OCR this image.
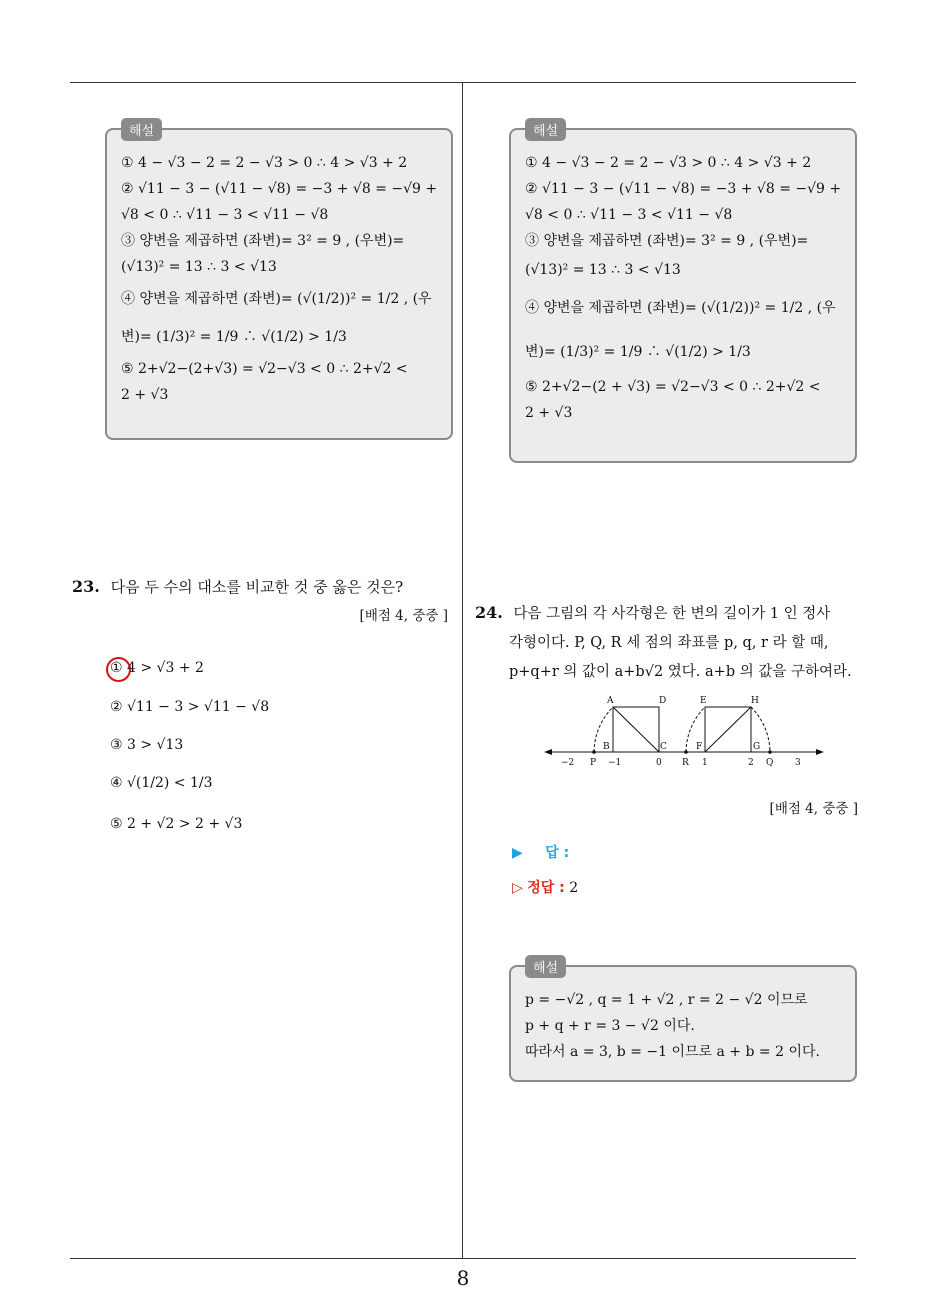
해설
① 4 − √3 − 2 = 2 − √3 > 0 ∴ 4 > √3 + 2
② √11 − 3 − (√11 − √8) = −3 + √8 = −√9 +
√8 < 0 ∴ √11 − 3 < √11 − √8
③ 양변을 제곱하면 (좌변)= 3² = 9 , (우변)=
(√13)² = 13 ∴ 3 < √13
④ 양변을 제곱하면 (좌변)= (√(1/2))² = 1/2 , (우
변)= (1/3)² = 1/9 ∴ √(1/2) > 1/3
⑤ 2+√2−(2+√3) = √2−√3 < 0 ∴ 2+√2 <
2 + √3
해설
① 4 − √3 − 2 = 2 − √3 > 0 ∴ 4 > √3 + 2
② √11 − 3 − (√11 − √8) = −3 + √8 = −√9 +
√8 < 0 ∴ √11 − 3 < √11 − √8
③ 양변을 제곱하면 (좌변)= 3² = 9 , (우변)=
(√13)² = 13 ∴ 3 < √13
④ 양변을 제곱하면 (좌변)= (√(1/2))² = 1/2 , (우
변)= (1/3)² = 1/9 ∴ √(1/2) > 1/3
⑤ 2+√2−(2 + √3) = √2−√3 < 0 ∴ 2+√2 <
2 + √3
23. 다음 두 수의 대소를 비교한 것 중 옳은 것은?
[배점 4, 중중 ]
① 4 > √3 + 2
② √11 − 3 > √11 − √8
③ 3 > √13
④ √(1/2) < 1/3
⑤ 2 + √2 > 2 + √3
24. 다음 그림의 각 사각형은 한 변의 길이가 1 인 정사
각형이다. P, Q, R 세 점의 좌표를 p, q, r 라 할 때,
p+q+r 의 값이 a+b√2 였다. a+b 의 값을 구하여라.
A	D	E	H
B	C	F	G
−2 P −1	0 R 1	2 Q 3
[배점 4, 중중 ]
▶ 답 :
▷ 정답 : 2
해설
p = −√2 , q = 1 + √2 , r = 2 − √2 이므로
p + q + r = 3 − √2 이다.
따라서 a = 3, b = −1 이므로 a + b = 2 이다.
8
